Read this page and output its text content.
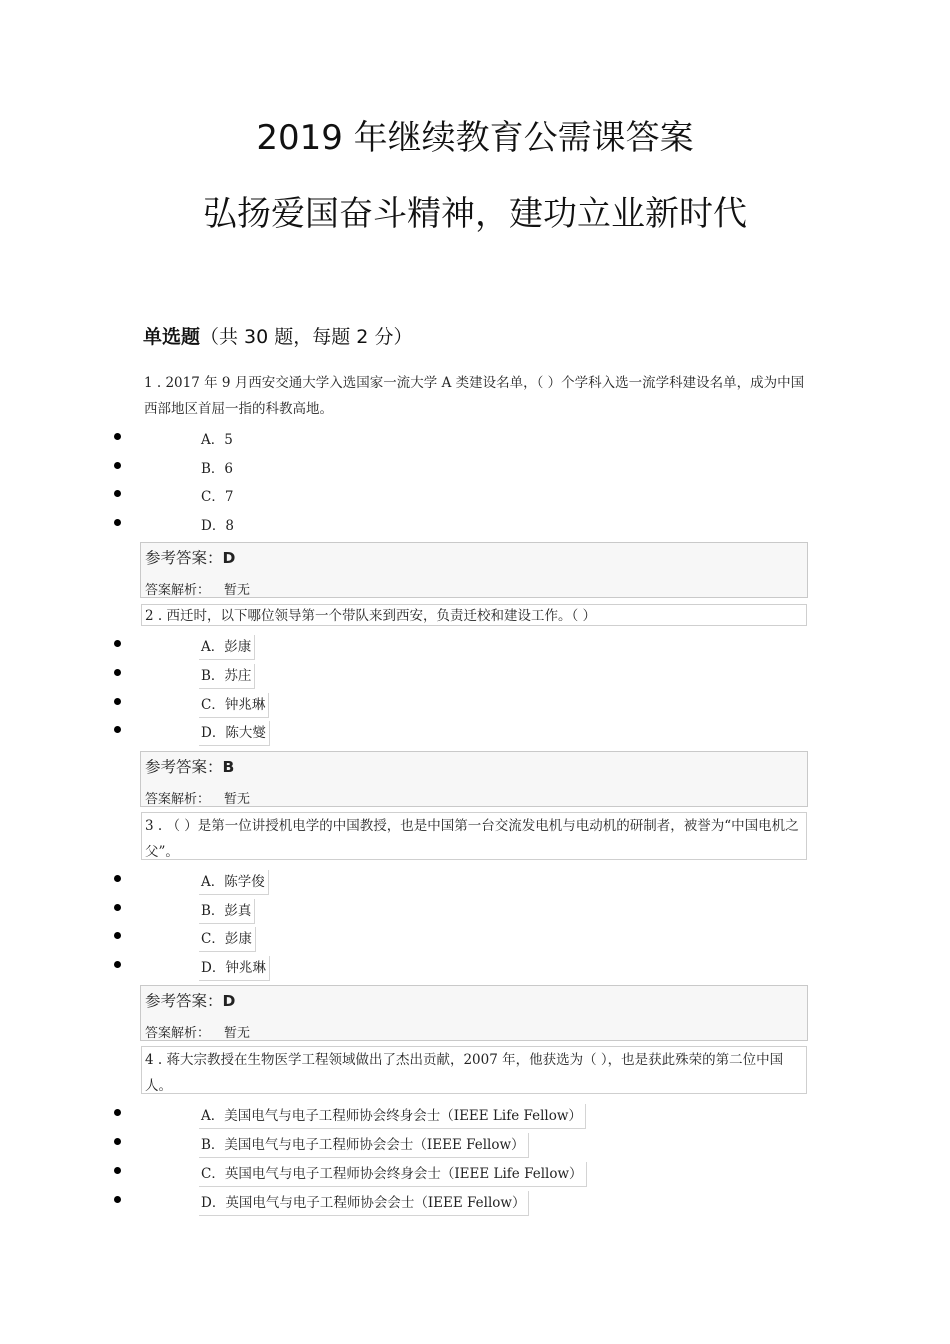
2019 年继续教育公需课答案
弘扬爱国奋斗精神，建功立业新时代
单选题（共 30 题，每题 2 分）
1 . 2017 年 9 月西安交通大学入选国家一流大学 A 类建设名单，（ ）个学科入选一流学科建设名单，成为中国西部地区首屈一指的科教高地。
A．5
B．6
C．7
D．8
参考答案：D
答案解析： 暂无
2 . 西迁时，以下哪位领导第一个带队来到西安，负责迁校和建设工作。（ ）
A．彭康
B．苏庄
C．钟兆琳
D．陈大燮
参考答案：B
答案解析： 暂无
3 . （ ）是第一位讲授机电学的中国教授，也是中国第一台交流发电机与电动机的研制者，被誉为“中国电机之父”。
A．陈学俊
B．彭真
C．彭康
D．钟兆琳
参考答案：D
答案解析： 暂无
4 . 蒋大宗教授在生物医学工程领域做出了杰出贡献，2007 年，他获选为（ ），也是获此殊荣的第二位中国人。
A．美国电气与电子工程师协会终身会士（IEEE Life Fellow）
B．美国电气与电子工程师协会会士（IEEE Fellow）
C．英国电气与电子工程师协会终身会士（IEEE Life Fellow）
D．英国电气与电子工程师协会会士（IEEE Fellow）
